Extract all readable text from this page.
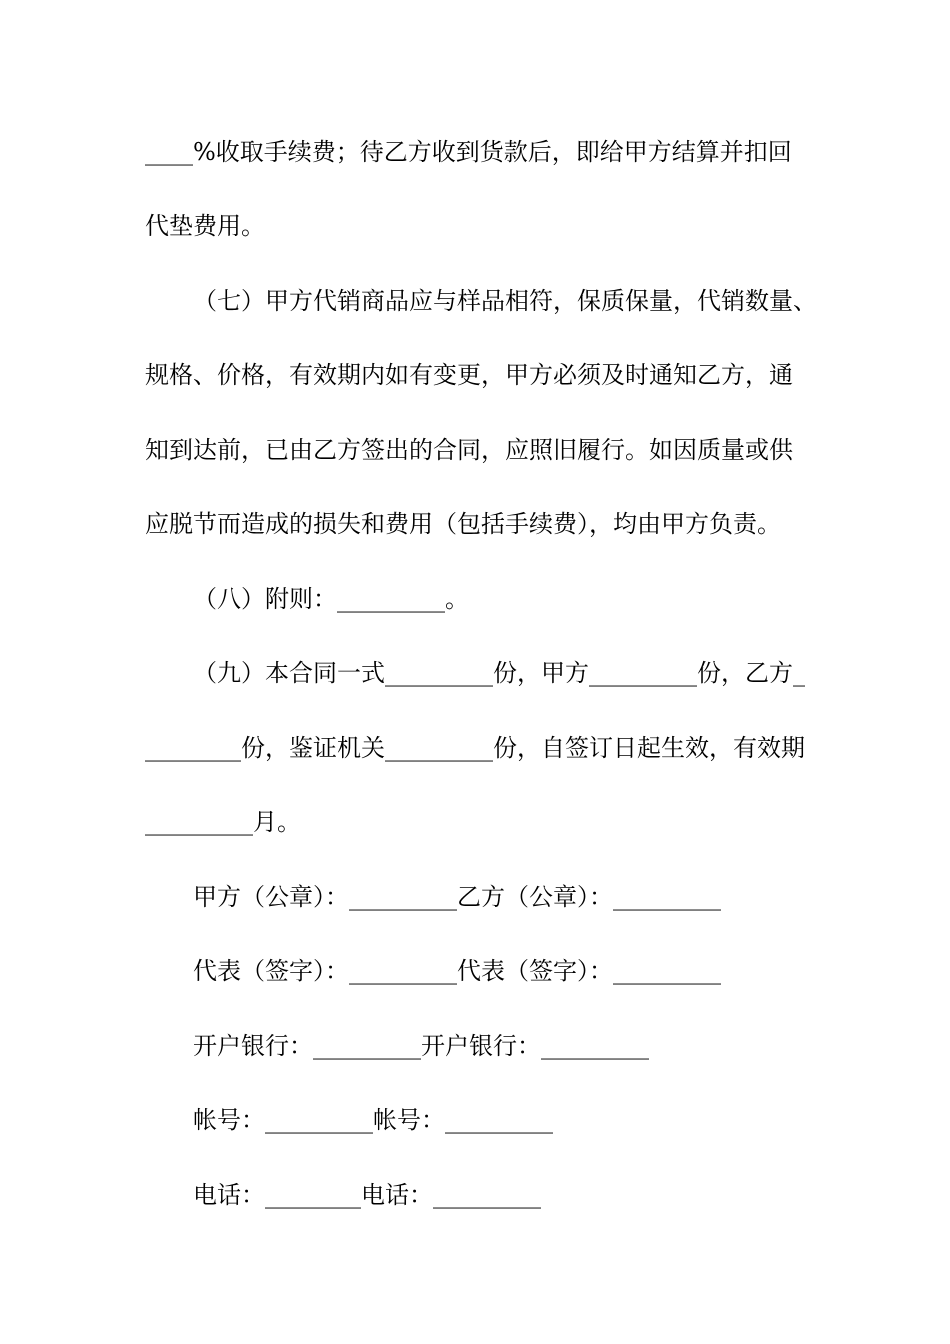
____%收取手续费；待乙方收到货款后，即给甲方结算并扣回
代垫费用。
（七）甲方代销商品应与样品相符，保质保量，代销数量、
规格、价格，有效期内如有变更，甲方必须及时通知乙方，通
知到达前，已由乙方签出的合同，应照旧履行。如因质量或供
应脱节而造成的损失和费用（包括手续费），均由甲方负责。
（八）附则：_________。
（九）本合同一式_________份，甲方_________份，乙方_
________份，鉴证机关_________份，自签订日起生效，有效期
_________月。
甲方（公章）：_________乙方（公章）：_________
代表（签字）：_________代表（签字）：_________
开户银行：_________开户银行：_________
帐号：_________帐号：_________
电话：________电话：_________
